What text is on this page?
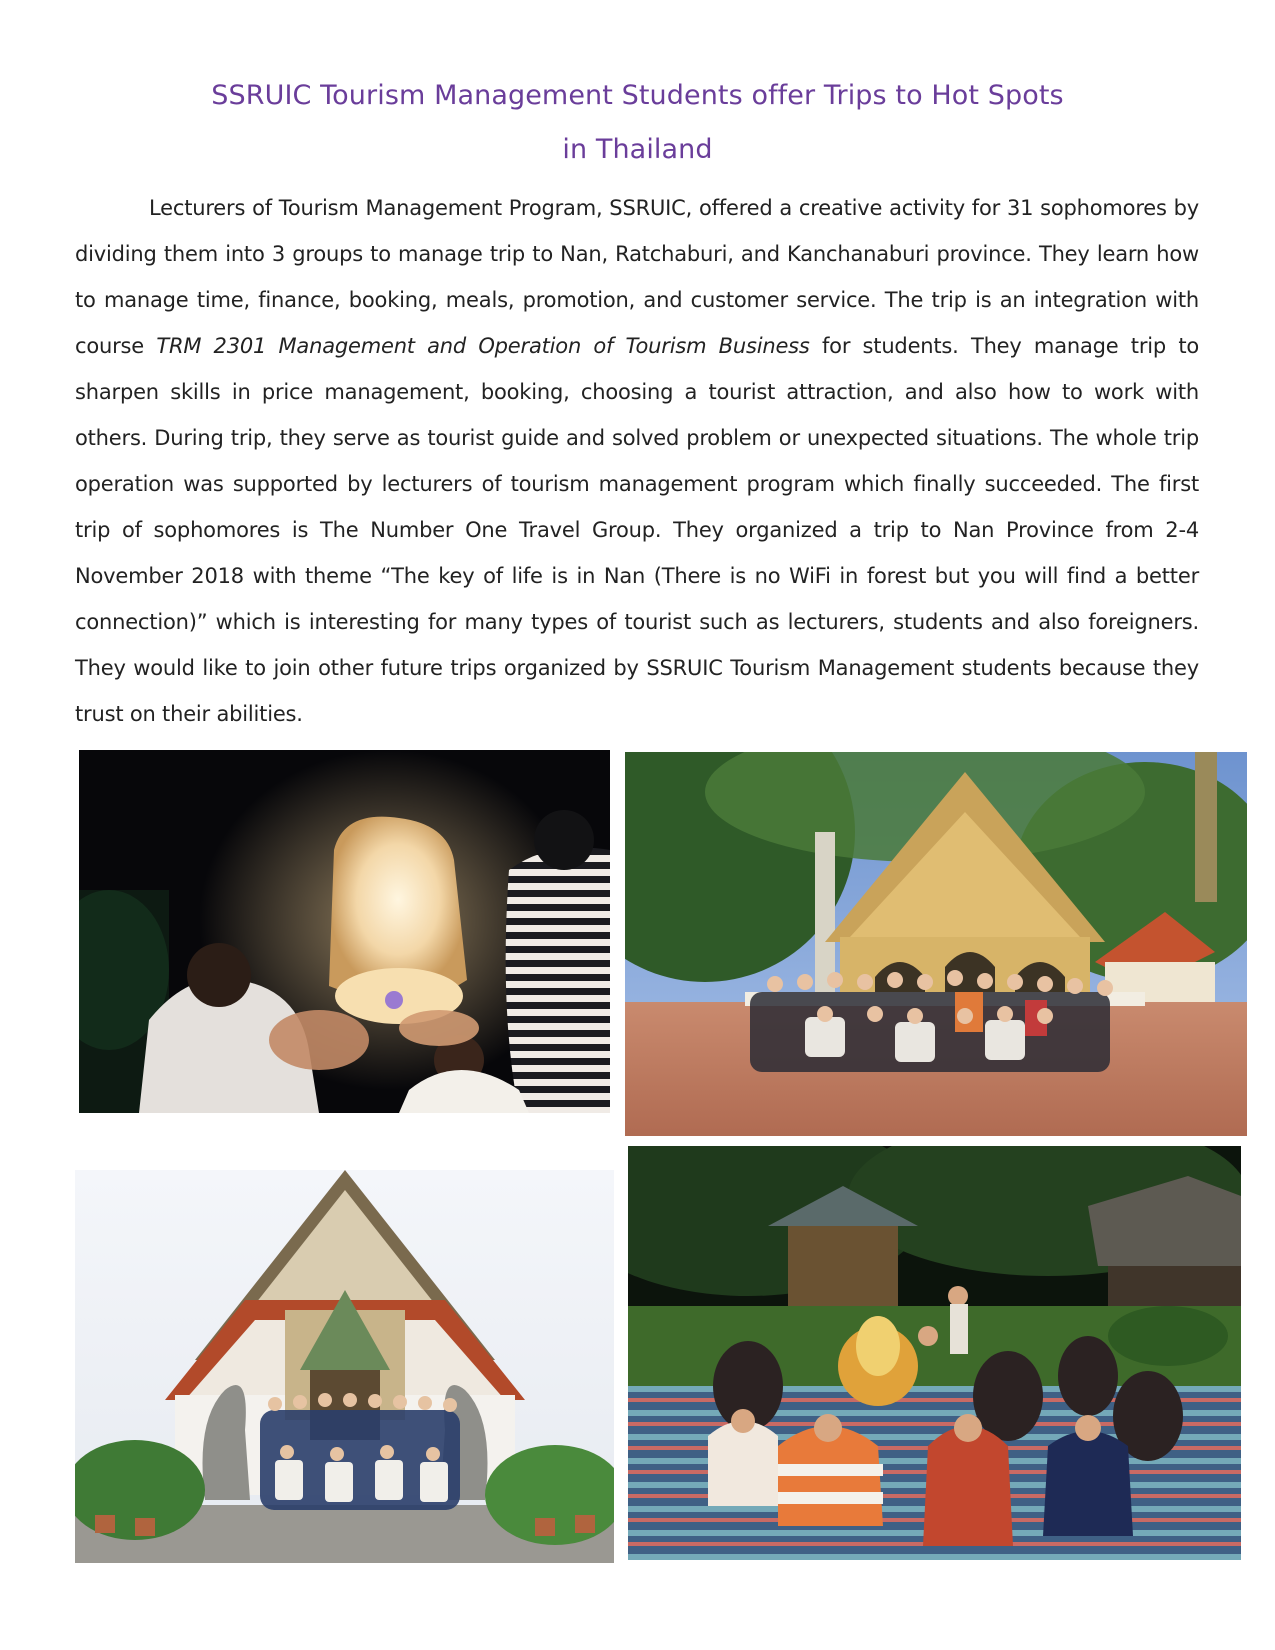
SSRUIC Tourism Management Students offer Trips to Hot Spots
in Thailand

Lecturers of Tourism Management Program, SSRUIC, offered a creative activity for 31 sophomores by dividing them into 3 groups to manage trip to Nan, Ratchaburi, and Kanchanaburi province. They learn how to manage time, finance, booking, meals, promotion, and customer service. The trip is an integration with course TRM 2301 Management and Operation of Tourism Business for students. They manage trip to sharpen skills in price management, booking, choosing a tourist attraction, and also how to work with others. During trip, they serve as tourist guide and solved problem or unexpected situations. The whole trip operation was supported by lecturers of tourism management program which finally succeeded. The first trip of sophomores is The Number One Travel Group. They organized a trip to Nan Province from 2-4 November 2018 with theme “The key of life is in Nan (There is no WiFi in forest but you will find a better connection)” which is interesting for many types of tourist such as lecturers, students and also foreigners. They would like to join other future trips organized by SSRUIC Tourism Management students because they trust on their abilities.
